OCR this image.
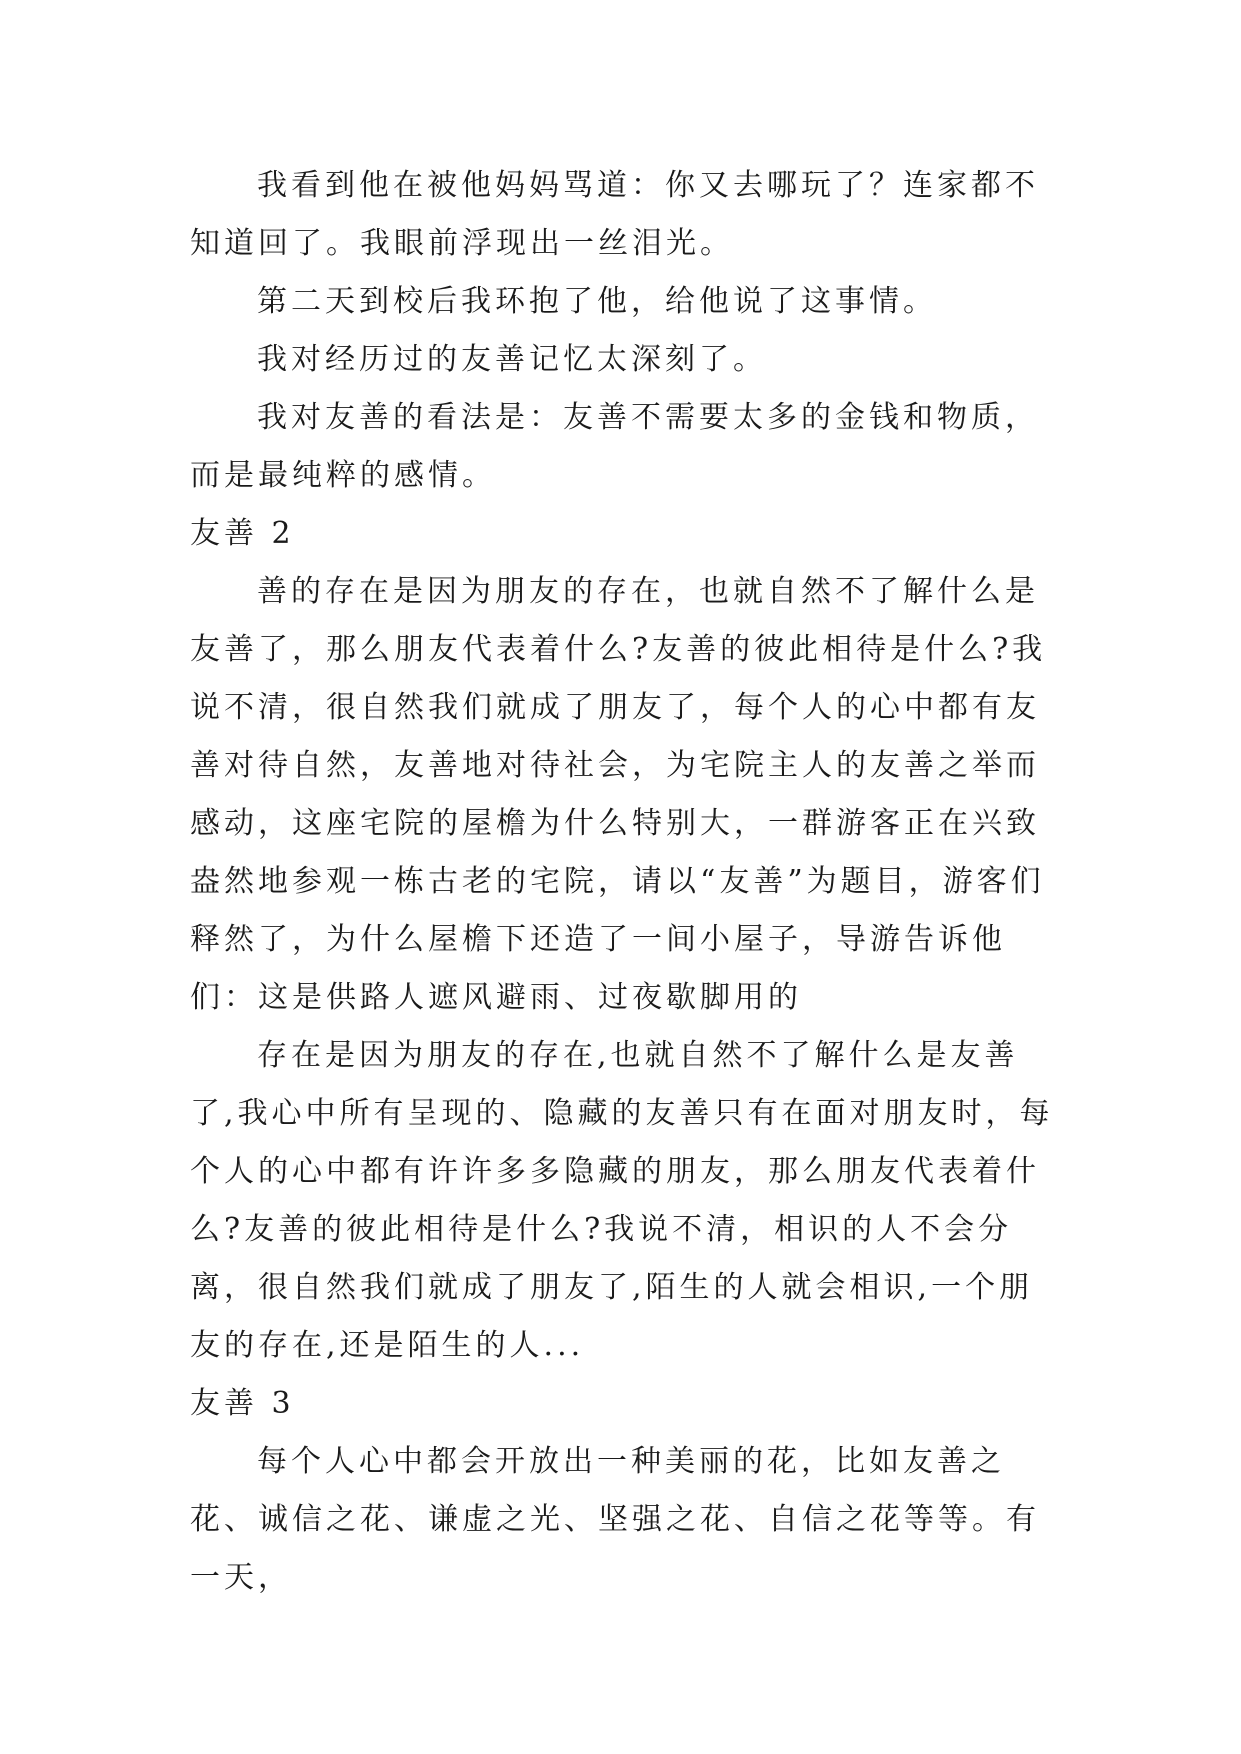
我看到他在被他妈妈骂道：你又去哪玩了？连家都不知道回了。我眼前浮现出一丝泪光。

第二天到校后我环抱了他，给他说了这事情。

我对经历过的友善记忆太深刻了。

我对友善的看法是：友善不需要太多的金钱和物质，而是最纯粹的感情。

友善 2

善的存在是因为朋友的存在，也就自然不了解什么是友善了，那么朋友代表着什么?友善的彼此相待是什么?我说不清，很自然我们就成了朋友了，每个人的心中都有友善对待自然，友善地对待社会，为宅院主人的友善之举而感动，这座宅院的屋檐为什么特别大，一群游客正在兴致盎然地参观一栋古老的宅院，请以“友善”为题目，游客们释然了，为什么屋檐下还造了一间小屋子，导游告诉他们：这是供路人遮风避雨、过夜歇脚用的

存在是因为朋友的存在,也就自然不了解什么是友善了,我心中所有呈现的、隐藏的友善只有在面对朋友时，每个人的心中都有许许多多隐藏的朋友，那么朋友代表着什么?友善的彼此相待是什么?我说不清，相识的人不会分离，很自然我们就成了朋友了,陌生的人就会相识,一个朋友的存在,还是陌生的人...

友善 3

每个人心中都会开放出一种美丽的花，比如友善之花、诚信之花、谦虚之光、坚强之花、自信之花等等。有一天，
